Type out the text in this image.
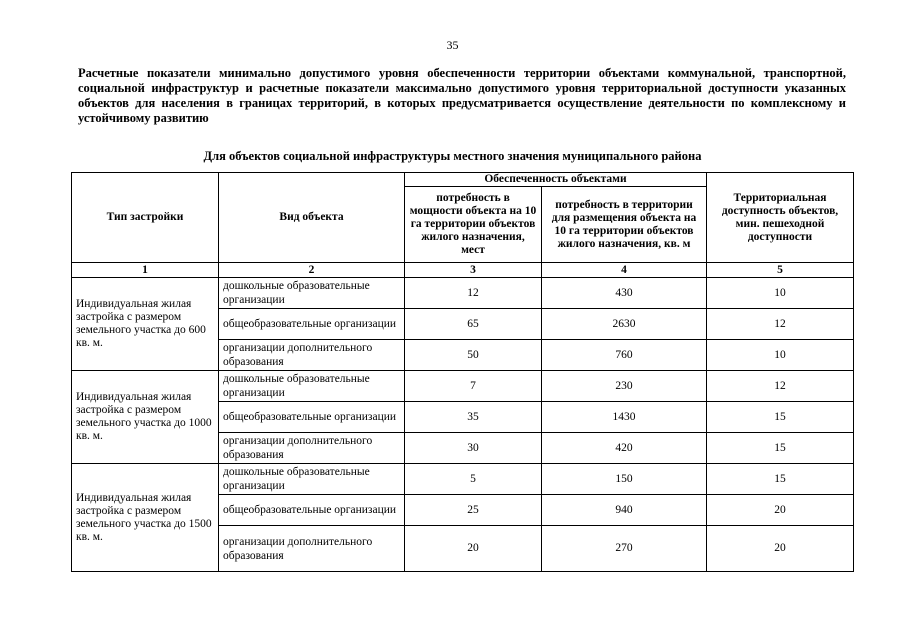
35
Расчетные показатели минимально допустимого уровня обеспеченности территории объектами коммунальной, транспортной, социальной инфраструктур и расчетные показатели максимально допустимого уровня территориальной доступности указанных объектов для населения в границах территорий, в которых предусматривается осуществление деятельности по комплексному и устойчивому развитию
Для объектов социальной инфраструктуры местного значения муниципального района
Тип застройки	Вид объекта	Обеспеченность объектами		Территориальная доступность объектов, мин. пешеходной доступности
		потребность в мощности объекта на 10 га территории объектов жилого назначения, мест	потребность в территории для размещения объекта на 10 га территории объектов жилого назначения, кв. м	
1	2	3	4	5
Индивидуальная жилая застройка с размером земельного участка до 600 кв. м.	дошкольные образовательные организации	12	430	10
	общеобразовательные организации	65	2630	12
	организации дополнительного образования	50	760	10
Индивидуальная жилая застройка с размером земельного участка до 1000 кв. м.	дошкольные образовательные организации	7	230	12
	общеобразовательные организации	35	1430	15
	организации дополнительного образования	30	420	15
Индивидуальная жилая застройка с размером земельного участка до 1500 кв. м.	дошкольные образовательные организации	5	150	15
	общеобразовательные организации	25	940	20
	организации дополнительного образования	20	270	20
